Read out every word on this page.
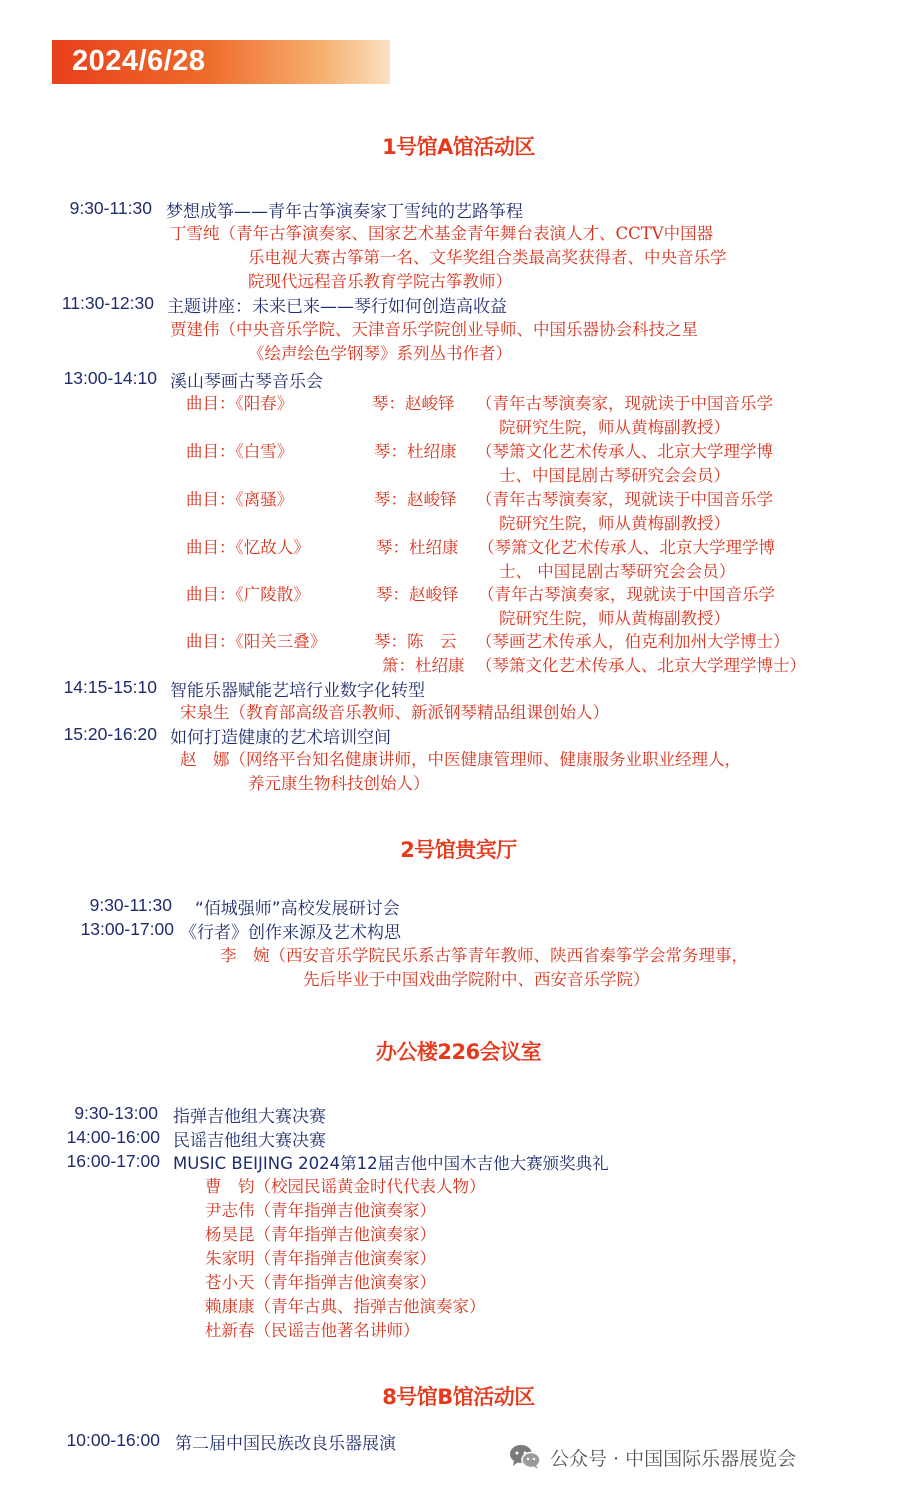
2024/6/28
1号馆A馆活动区
9:30-11:30 梦想成筝——青年古筝演奏家丁雪纯的艺路筝程
丁雪纯（青年古筝演奏家、国家艺术基金青年舞台表演人才、CCTV中国器
乐电视大赛古筝第一名、文华奖组合类最高奖获得者、中央音乐学
院现代远程音乐教育学院古筝教师）
11:30-12:30 主题讲座：未来已来——琴行如何创造高收益
贾建伟（中央音乐学院、天津音乐学院创业导师、中国乐器协会科技之星
《绘声绘色学钢琴》系列丛书作者）
13:00-14:10 溪山琴画古琴音乐会
曲目：《阳春》	琴：赵峻铎 （青年古琴演奏家，现就读于中国音乐学
院研究生院，师从黄梅副教授）
曲目：《白雪》	琴：杜绍康 （琴箫文化艺术传承人、北京大学理学博
士、中国昆剧古琴研究会会员）
曲目：《离骚》	琴：赵峻铎 （青年古琴演奏家，现就读于中国音乐学
院研究生院，师从黄梅副教授）
曲目：《忆故人》	琴：杜绍康 （琴箫文化艺术传承人、北京大学理学博
士、 中国昆剧古琴研究会会员）
曲目：《广陵散》	琴：赵峻铎 （青年古琴演奏家，现就读于中国音乐学
院研究生院，师从黄梅副教授）
曲目：《阳关三叠》	琴：陈　云 （琴画艺术传承人，伯克利加州大学博士）
箫：杜绍康 （琴箫文化艺术传承人、北京大学理学博士）
14:15-15:10 智能乐器赋能艺培行业数字化转型
宋泉生（教育部高级音乐教师、新派钢琴精品组课创始人）
15:20-16:20 如何打造健康的艺术培训空间
赵　娜（网络平台知名健康讲师，中医健康管理师、健康服务业职业经理人，
养元康生物科技创始人）
2号馆贵宾厅
9:30-11:30 “佰城强师”高校发展研讨会
13:00-17:00 《行者》创作来源及艺术构思
李　婉（西安音乐学院民乐系古筝青年教师、陕西省秦筝学会常务理事，
先后毕业于中国戏曲学院附中、西安音乐学院）
办公楼226会议室
9:30-13:00 指弹吉他组大赛决赛
14:00-16:00 民谣吉他组大赛决赛
16:00-17:00 MUSIC BEIJING 2024第12届吉他中国木吉他大赛颁奖典礼
曹　钧（校园民谣黄金时代代表人物）
尹志伟（青年指弹吉他演奏家）
杨昊昆（青年指弹吉他演奏家）
朱家明（青年指弹吉他演奏家）
苍小天（青年指弹吉他演奏家）
赖康康（青年古典、指弹吉他演奏家）
杜新春（民谣吉他著名讲师）
8号馆B馆活动区
10:00-16:00 第二届中国民族改良乐器展演
公众号 · 中国国际乐器展览会
